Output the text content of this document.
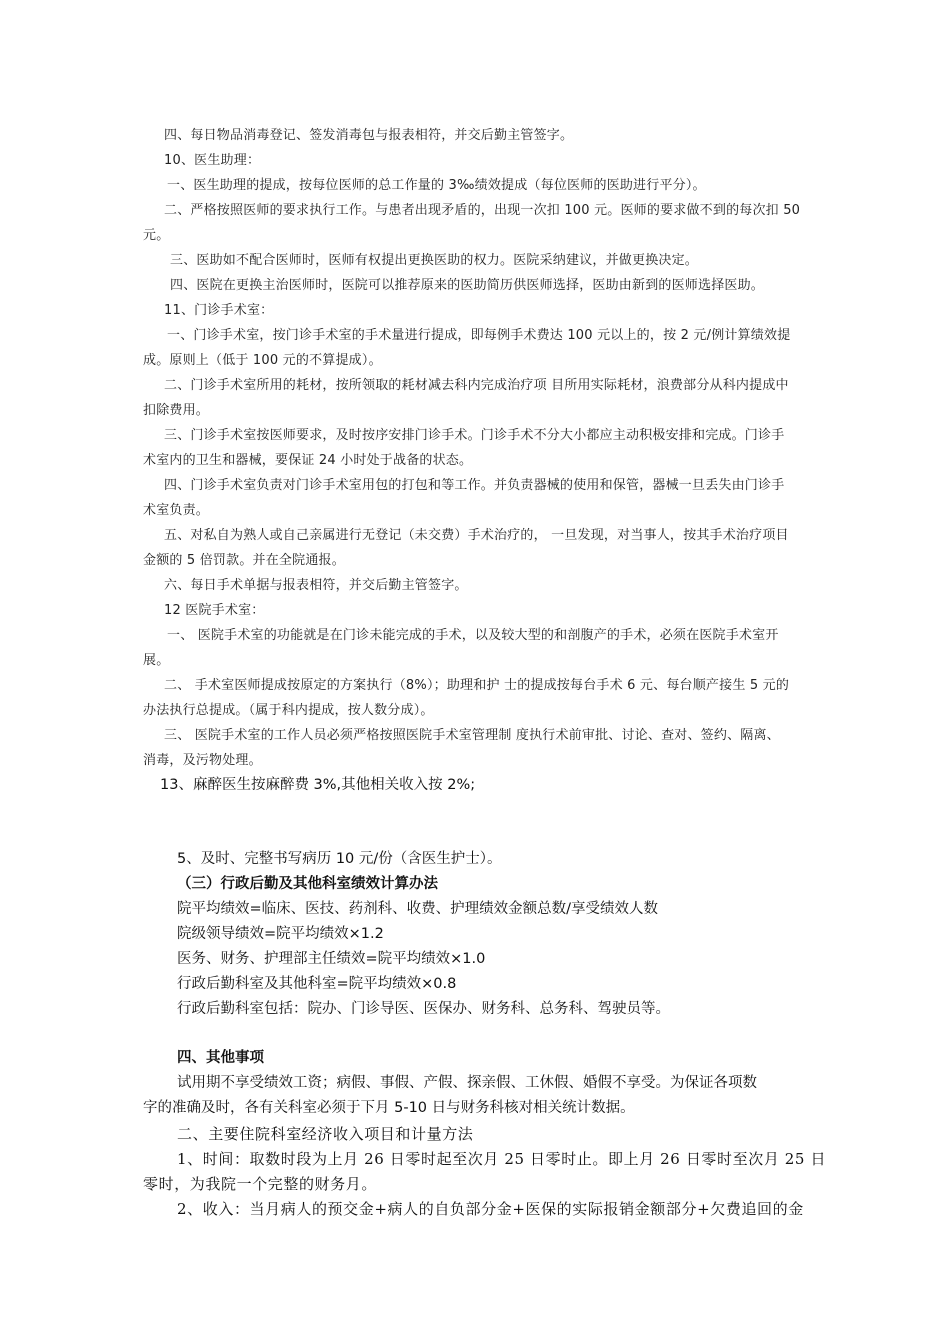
四、每日物品消毒登记、签发消毒包与报表相符，并交后勤主管签字。
10、医生助理：
一、医生助理的提成，按每位医师的总工作量的 3‰绩效提成（每位医师的医助进行平分）。
二、严格按照医师的要求执行工作。与患者出现矛盾的，出现一次扣 100 元。医师的要求做不到的每次扣 50
元。
三、医助如不配合医师时，医师有权提出更换医助的权力。医院采纳建议，并做更换决定。
四、医院在更换主治医师时，医院可以推荐原来的医助简历供医师选择，医助由新到的医师选择医助。
11、门诊手术室：
一、门诊手术室，按门诊手术室的手术量进行提成，即每例手术费达 100 元以上的，按 2 元/例计算绩效提
成。原则上（低于 100 元的不算提成）。
二、门诊手术室所用的耗材，按所领取的耗材减去科内完成治疗项 目所用实际耗材，浪费部分从科内提成中
扣除费用。
三、门诊手术室按医师要求，及时按序安排门诊手术。门诊手术不分大小都应主动积极安排和完成。门诊手
术室内的卫生和器械，要保证 24 小时处于战备的状态。
四、门诊手术室负责对门诊手术室用包的打包和等工作。并负责器械的使用和保管，器械一旦丢失由门诊手
术室负责。
五、对私自为熟人或自己亲属进行无登记（未交费）手术治疗的， 一旦发现，对当事人，按其手术治疗项目
金额的 5 倍罚款。并在全院通报。
六、每日手术单据与报表相符，并交后勤主管签字。
12 医院手术室：
一、 医院手术室的功能就是在门诊未能完成的手术，以及较大型的和剖腹产的手术，必须在医院手术室开
展。
二、 手术室医师提成按原定的方案执行（8%）；助理和护 士的提成按每台手术 6 元、每台顺产接生 5 元的
办法执行总提成。（属于科内提成，按人数分成）。
三、 医院手术室的工作人员必须严格按照医院手术室管理制 度执行术前审批、讨论、查对、签约、隔离、
消毒，及污物处理。
13、麻醉医生按麻醉费 3%,其他相关收入按 2%;
5、及时、完整书写病历 10 元/份（含医生护士）。
（三）行政后勤及其他科室绩效计算办法
院平均绩效=临床、医技、药剂科、收费、护理绩效金额总数/享受绩效人数
院级领导绩效=院平均绩效×1.2
医务、财务、护理部主任绩效=院平均绩效×1.0
行政后勤科室及其他科室=院平均绩效×0.8
行政后勤科室包括：院办、门诊导医、医保办、财务科、总务科、驾驶员等。
四、其他事项
试用期不享受绩效工资；病假、事假、产假、探亲假、工休假、婚假不享受。为保证各项数
字的准确及时，各有关科室必须于下月 5-10 日与财务科核对相关统计数据。
二、主要住院科室经济收入项目和计量方法
1、时间：取数时段为上月 26 日零时起至次月 25 日零时止。即上月 26 日零时至次月 25 日
零时，为我院一个完整的财务月。
2、收入：当月病人的预交金+病人的自负部分金+医保的实际报销金额部分+欠费追回的金
